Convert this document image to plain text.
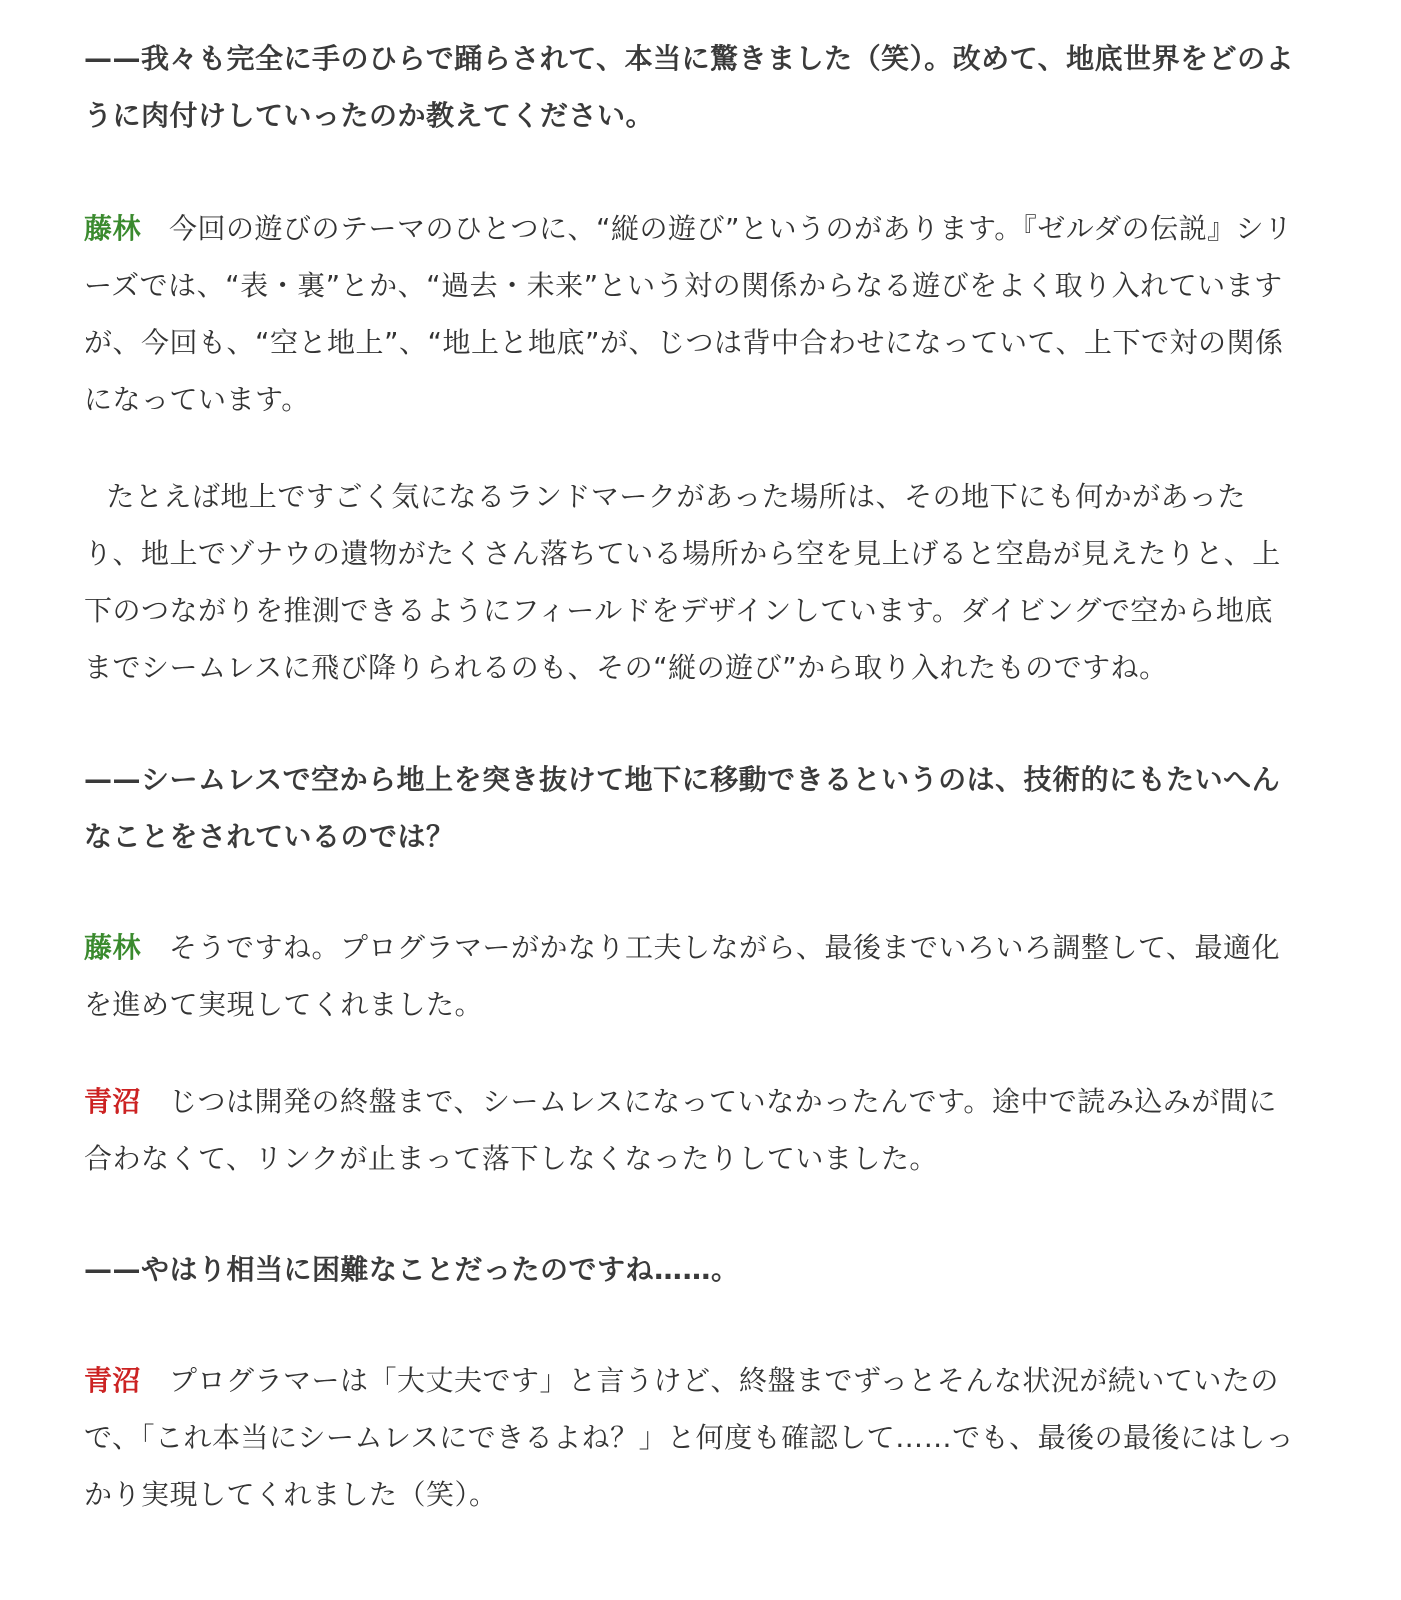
——我々も完全に手のひらで踊らされて、本当に驚きました（笑）。改めて、地底世界をどのように肉付けしていったのか教えてください。

藤林 今回の遊びのテーマのひとつに、“縦の遊び”というのがあります。『ゼルダの伝説』シリーズでは、“表・裏”とか、“過去・未来”という対の関係からなる遊びをよく取り入れていますが、今回も、“空と地上”、“地上と地底”が、じつは背中合わせになっていて、上下で対の関係になっています。

たとえば地上ですごく気になるランドマークがあった場所は、その地下にも何かがあったり、地上でゾナウの遺物がたくさん落ちている場所から空を見上げると空島が見えたりと、上下のつながりを推測できるようにフィールドをデザインしています。ダイビングで空から地底までシームレスに飛び降りられるのも、その“縦の遊び”から取り入れたものですね。

——シームレスで空から地上を突き抜けて地下に移動できるというのは、技術的にもたいへんなことをされているのでは？

藤林 そうですね。プログラマーがかなり工夫しながら、最後までいろいろ調整して、最適化を進めて実現してくれました。

青沼 じつは開発の終盤まで、シームレスになっていなかったんです。途中で読み込みが間に合わなくて、リンクが止まって落下しなくなったりしていました。

——やはり相当に困難なことだったのですね……。

青沼 プログラマーは「大丈夫です」と言うけど、終盤までずっとそんな状況が続いていたので、「これ本当にシームレスにできるよね？」と何度も確認して……でも、最後の最後にはしっかり実現してくれました（笑）。
